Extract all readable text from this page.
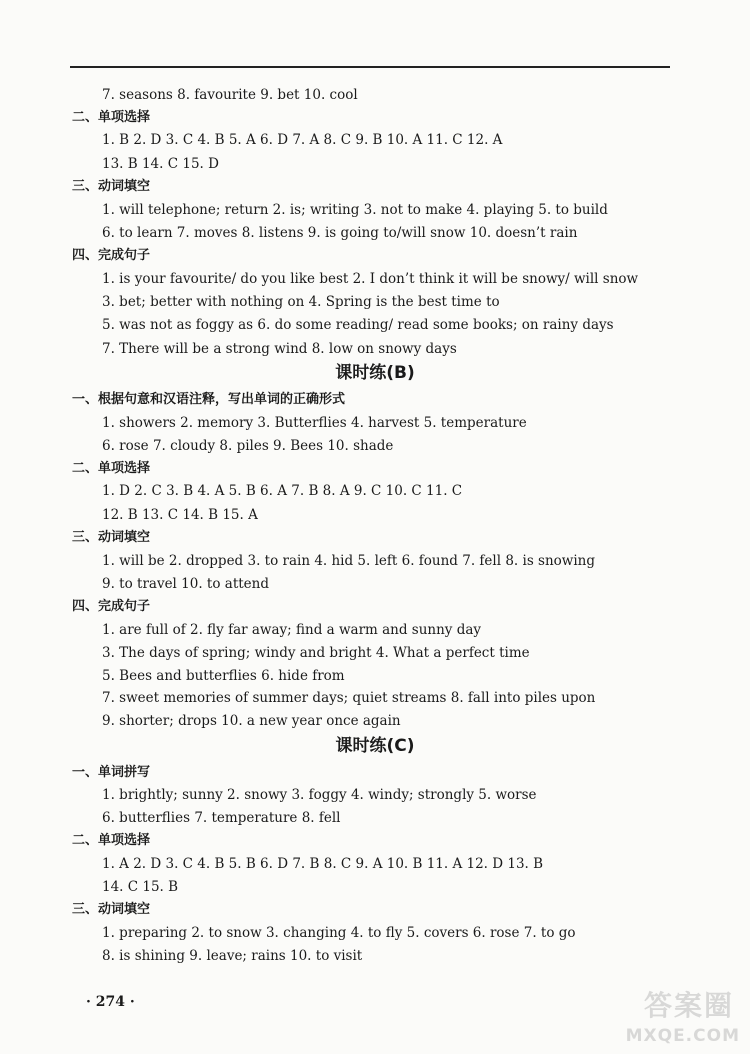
7. seasons 8. favourite 9. bet 10. cool
二、单项选择
1. B 2. D 3. C 4. B 5. A 6. D 7. A 8. C 9. B 10. A 11. C 12. A
13. B 14. C 15. D
三、动词填空
1. will telephone; return 2. is; writing 3. not to make 4. playing 5. to build
6. to learn 7. moves 8. listens 9. is going to/will snow 10. doesn’t rain
四、完成句子
1. is your favourite/ do you like best 2. I don’t think it will be snowy/ will snow
3. bet; better with nothing on 4. Spring is the best time to
5. was not as foggy as 6. do some reading/ read some books; on rainy days
7. There will be a strong wind 8. low on snowy days
课时练(B)
一、根据句意和汉语注释，写出单词的正确形式
1. showers 2. memory 3. Butterflies 4. harvest 5. temperature
6. rose 7. cloudy 8. piles 9. Bees 10. shade
二、单项选择
1. D 2. C 3. B 4. A 5. B 6. A 7. B 8. A 9. C 10. C 11. C
12. B 13. C 14. B 15. A
三、动词填空
1. will be 2. dropped 3. to rain 4. hid 5. left 6. found 7. fell 8. is snowing
9. to travel 10. to attend
四、完成句子
1. are full of 2. fly far away; find a warm and sunny day
3. The days of spring; windy and bright 4. What a perfect time
5. Bees and butterflies 6. hide from
7. sweet memories of summer days; quiet streams 8. fall into piles upon
9. shorter; drops 10. a new year once again
课时练(C)
一、单词拼写
1. brightly; sunny 2. snowy 3. foggy 4. windy; strongly 5. worse
6. butterflies 7. temperature 8. fell
二、单项选择
1. A 2. D 3. C 4. B 5. B 6. D 7. B 8. C 9. A 10. B 11. A 12. D 13. B
14. C 15. B
三、动词填空
1. preparing 2. to snow 3. changing 4. to fly 5. covers 6. rose 7. to go
8. is shining 9. leave; rains 10. to visit
· 274 ·	答案圈
MXQE.COM
